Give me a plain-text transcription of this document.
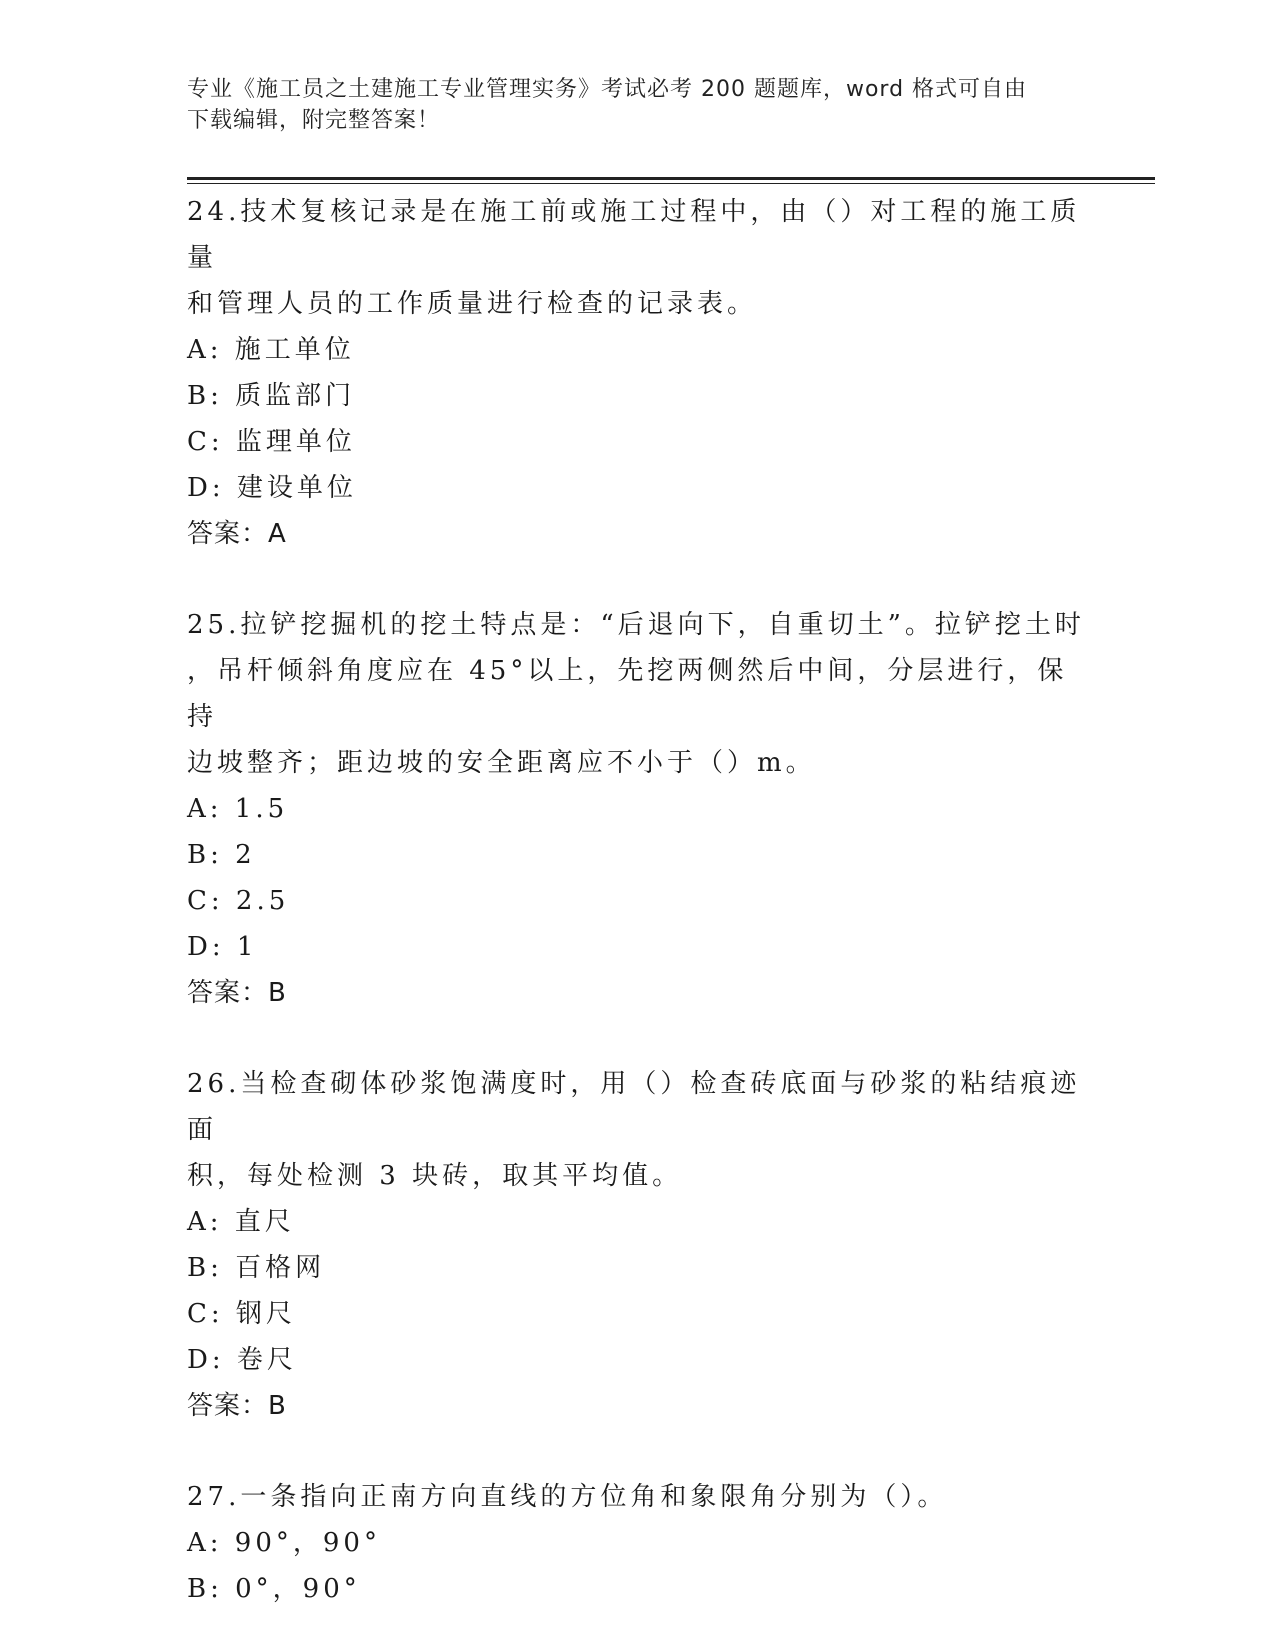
专业《施工员之土建施工专业管理实务》考试必考 200 题题库，word 格式可自由
下载编辑，附完整答案！

24.技术复核记录是在施工前或施工过程中，由（）对工程的施工质量

和管理人员的工作质量进行检查的记录表。

A: 施工单位

B: 质监部门

C: 监理单位

D: 建设单位

答案：A

25.拉铲挖掘机的挖土特点是：“后退向下，自重切土”。拉铲挖土时

，吊杆倾斜角度应在 45°以上，先挖两侧然后中间，分层进行，保持

边坡整齐；距边坡的安全距离应不小于（）m。

A: 1.5

B: 2

C: 2.5

D: 1

答案：B

26.当检查砌体砂浆饱满度时，用（）检查砖底面与砂浆的粘结痕迹面

积，每处检测 3 块砖，取其平均值。

A: 直尺

B: 百格网

C: 钢尺

D: 卷尺

答案：B

27.一条指向正南方向直线的方位角和象限角分别为（）。

A: 90°，90°

B: 0°，90°
